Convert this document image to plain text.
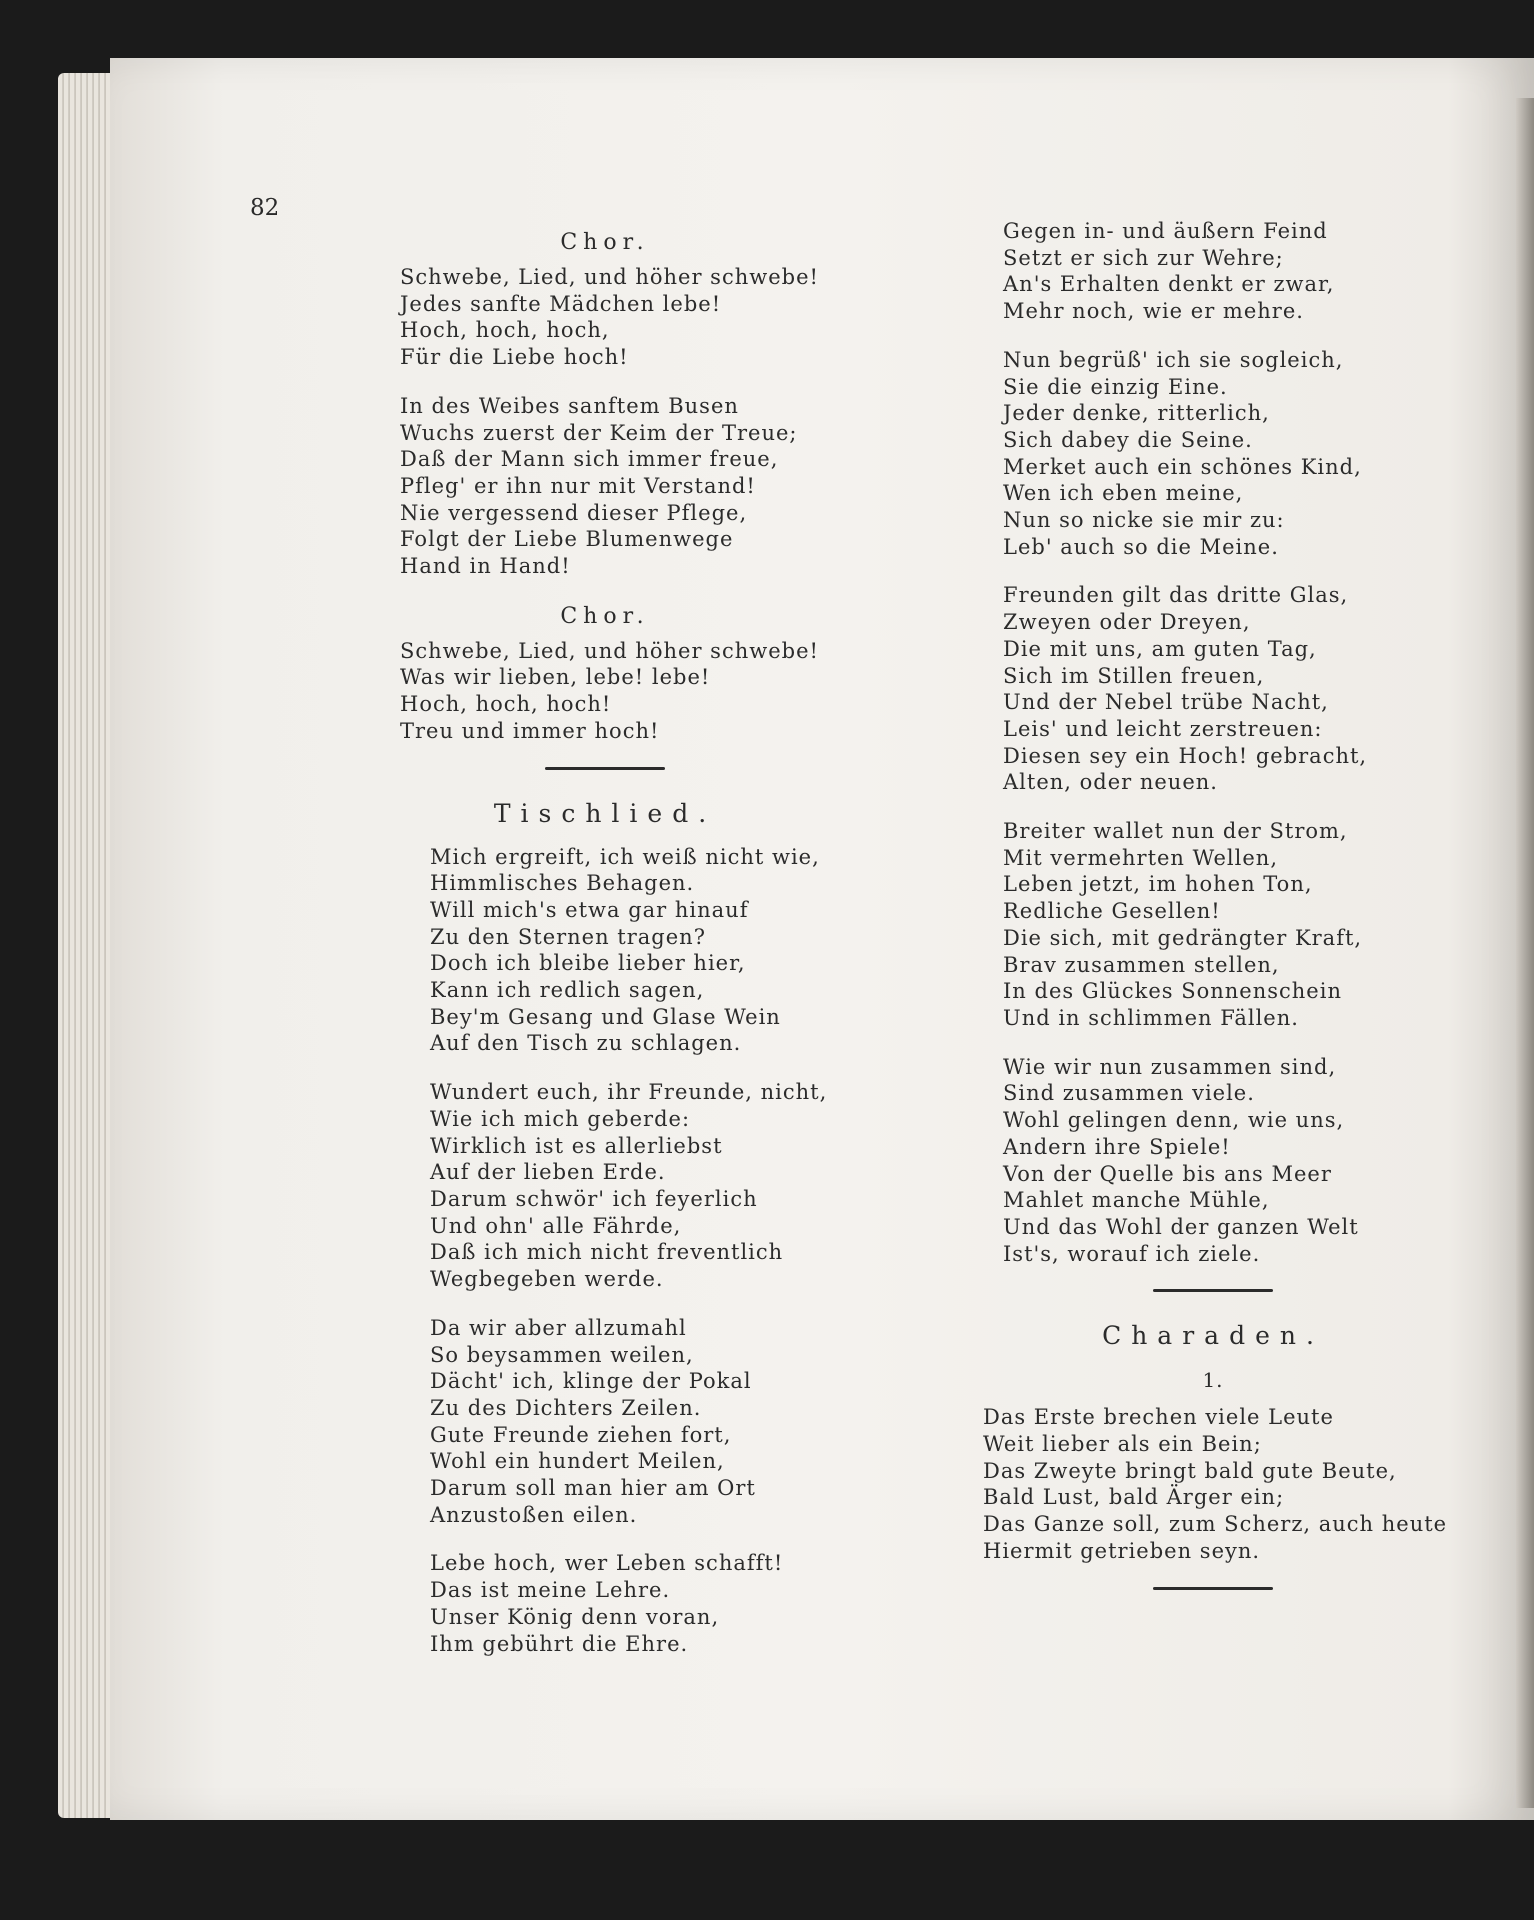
82
Chor.
Schwebe, Lied, und höher schwebe!
Jedes sanfte Mädchen lebe!
Hoch, hoch, hoch,
Für die Liebe hoch!
In des Weibes sanftem Busen
Wuchs zuerst der Keim der Treue;
Daß der Mann sich immer freue,
Pfleg' er ihn nur mit Verstand!
Nie vergessend dieser Pflege,
Folgt der Liebe Blumenwege
Hand in Hand!
Chor.
Schwebe, Lied, und höher schwebe!
Was wir lieben, lebe! lebe!
Hoch, hoch, hoch!
Treu und immer hoch!
Tischlied.
Mich ergreift, ich weiß nicht wie,
Himmlisches Behagen.
Will mich's etwa gar hinauf
Zu den Sternen tragen?
Doch ich bleibe lieber hier,
Kann ich redlich sagen,
Bey'm Gesang und Glase Wein
Auf den Tisch zu schlagen.
Wundert euch, ihr Freunde, nicht,
Wie ich mich geberde:
Wirklich ist es allerliebst
Auf der lieben Erde.
Darum schwör' ich feyerlich
Und ohn' alle Fährde,
Daß ich mich nicht freventlich
Wegbegeben werde.
Da wir aber allzumahl
So beysammen weilen,
Dächt' ich, klinge der Pokal
Zu des Dichters Zeilen.
Gute Freunde ziehen fort,
Wohl ein hundert Meilen,
Darum soll man hier am Ort
Anzustoßen eilen.
Lebe hoch, wer Leben schafft!
Das ist meine Lehre.
Unser König denn voran,
Ihm gebührt die Ehre.
Gegen in- und äußern Feind
Setzt er sich zur Wehre;
An's Erhalten denkt er zwar,
Mehr noch, wie er mehre.
Nun begrüß' ich sie sogleich,
Sie die einzig Eine.
Jeder denke, ritterlich,
Sich dabey die Seine.
Merket auch ein schönes Kind,
Wen ich eben meine,
Nun so nicke sie mir zu:
Leb' auch so die Meine.
Freunden gilt das dritte Glas,
Zweyen oder Dreyen,
Die mit uns, am guten Tag,
Sich im Stillen freuen,
Und der Nebel trübe Nacht,
Leis' und leicht zerstreuen:
Diesen sey ein Hoch! gebracht,
Alten, oder neuen.
Breiter wallet nun der Strom,
Mit vermehrten Wellen,
Leben jetzt, im hohen Ton,
Redliche Gesellen!
Die sich, mit gedrängter Kraft,
Brav zusammen stellen,
In des Glückes Sonnenschein
Und in schlimmen Fällen.
Wie wir nun zusammen sind,
Sind zusammen viele.
Wohl gelingen denn, wie uns,
Andern ihre Spiele!
Von der Quelle bis ans Meer
Mahlet manche Mühle,
Und das Wohl der ganzen Welt
Ist's, worauf ich ziele.
Charaden.
1.
Das Erste brechen viele Leute
Weit lieber als ein Bein;
Das Zweyte bringt bald gute Beute,
Bald Lust, bald Ärger ein;
Das Ganze soll, zum Scherz, auch heute
Hiermit getrieben seyn.
